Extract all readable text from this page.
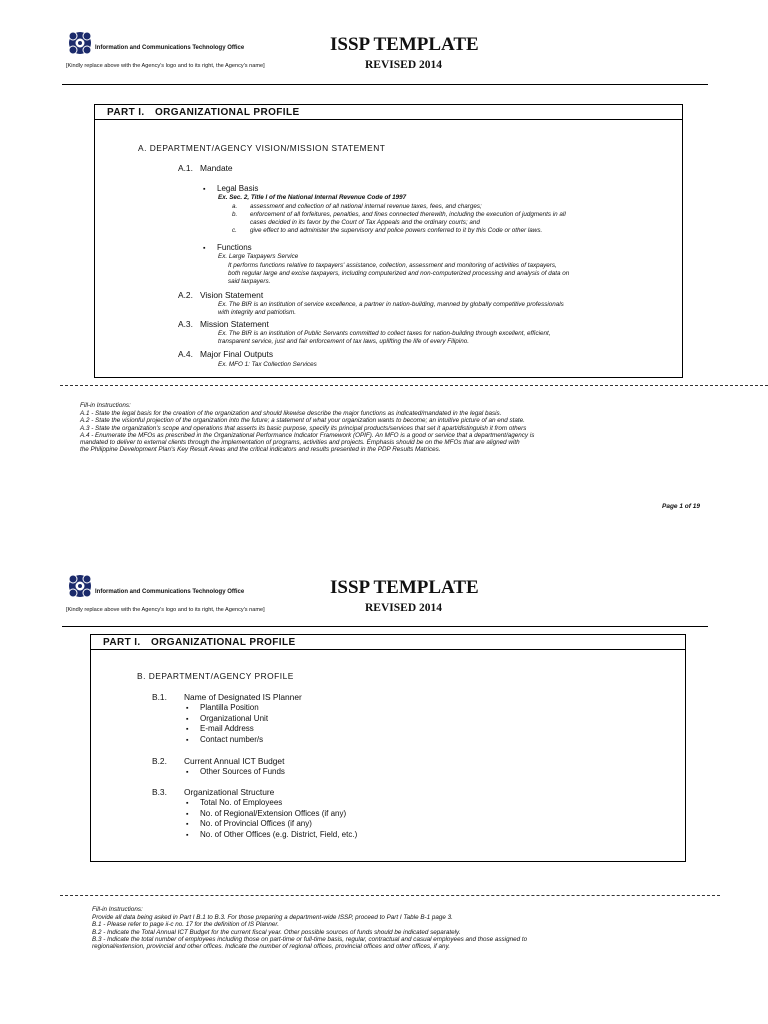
Information and Communications Technology Office
[Kindly replace above with the Agency's logo and to its right, the Agency's name]
ISSP TEMPLATE
REVISED 2014
PART I. ORGANIZATIONAL PROFILE
A. DEPARTMENT/AGENCY VISION/MISSION STATEMENT
A.1. Mandate
▪ Legal Basis
Ex. Sec. 2, Title I of the National Internal Revenue Code of 1997
a. assessment and collection of all national internal revenue taxes, fees, and charges;
b. enforcement of all forfeitures, penalties, and fines connected therewith, including the execution of judgments in all
cases decided in its favor by the Court of Tax Appeals and the ordinary courts; and
c. give effect to and administer the supervisory and police powers conferred to it by this Code or other laws.
▪ Functions
Ex. Large Taxpayers Service
It performs functions relative to taxpayers' assistance, collection, assessment and monitoring of activities of taxpayers,
both regular large and excise taxpayers, including computerized and non-computerized processing and analysis of data on
said taxpayers.
A.2. Vision Statement
Ex. The BIR is an institution of service excellence, a partner in nation-building, manned by globally competitive professionals
with integrity and patriotism.
A.3. Mission Statement
Ex. The BIR is an institution of Public Servants committed to collect taxes for nation-building through excellent, efficient,
transparent service, just and fair enforcement of tax laws, uplifting the life of every Filipino.
A.4. Major Final Outputs
Ex. MFO 1: Tax Collection Services
Fill-in Instructions:
A.1 - State the legal basis for the creation of the organization and should likewise describe the major functions as indicated/mandated in the legal basis.
A.2 - State the visionful projection of the organization into the future; a statement of what your organization wants to become; an intuitive picture of an end state.
A.3 - State the organization's scope and operations that asserts its basic purpose, specify its principal products/services that set it apart/distinguish it from others
A.4 - Enumerate the MFOs as prescribed in the Organizational Performance Indicator Framework (OPIF). An MFO is a good or service that a department/agency is
mandated to deliver to external clients through the implementation of programs, activities and projects. Emphasis should be on the MFOs that are aligned with
the Philippine Development Plan's Key Result Areas and the critical indicators and results presented in the PDP Results Matrices.
Page 1 of 19
Information and Communications Technology Office
[Kindly replace above with the Agency's logo and to its right, the Agency's name]
ISSP TEMPLATE
REVISED 2014
PART I. ORGANIZATIONAL PROFILE
B. DEPARTMENT/AGENCY PROFILE
B.1. Name of Designated IS Planner
▪ Plantilla Position
▪ Organizational Unit
▪ E-mail Address
▪ Contact number/s
B.2. Current Annual ICT Budget
▪ Other Sources of Funds
B.3. Organizational Structure
▪ Total No. of Employees
▪ No. of Regional/Extension Offices (if any)
▪ No. of Provincial Offices (if any)
▪ No. of Other Offices (e.g. District, Field, etc.)
Fill-in Instructions:
Provide all data being asked in Part I B.1 to B.3. For those preparing a department-wide ISSP, proceed to Part I Table B-1 page 3.
B.1 - Please refer to page ii-c no. 17 for the definition of IS Planner.
B.2 - Indicate the Total Annual ICT Budget for the current fiscal year. Other possible sources of funds should be indicated separately.
B.3 - Indicate the total number of employees including those on part-time or full-time basis, regular, contractual and casual employees and those assigned to
regional/extension, provincial and other offices. Indicate the number of regional offices, provincial offices and other offices, if any.
